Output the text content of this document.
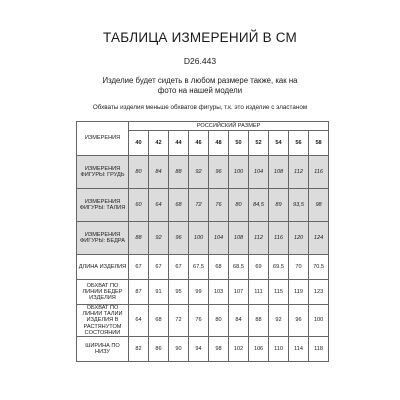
ТАБЛИЦА ИЗМЕРЕНИЙ В СМ
D26.443
Изделие будет сидеть в любом размере также, как на фото на нашей модели
Обхваты изделия меньше обхватов фигуры, т.к. это изделие с эластаном
ИЗМЕРЕНИЯ	РОССИЙСКИЙ РАЗМЕР									
	40	42	44	46	48	50	52	54	56	58
ИЗМЕРЕНИЯ ФИГУРЫ: ГРУДЬ	80	84	88	92	96	100	104	108	112	116
ИЗМЕРЕНИЯ ФИГУРЫ: ТАЛИЯ	60	64	68	72	76	80	84,5	89	93,5	98
ИЗМЕРЕНИЯ ФИГУРЫ: БЕДРА	88	92	96	100	104	108	112	116	120	124
ДЛИНА ИЗДЕЛИЯ	67	67	67	67.5	68	68.5	69	69.5	70	70.5
ОБХВАТ ПО ЛИНИИ БЕДЕР ИЗДЕЛИЯ	87	91	95	99	103	107	111	115	119	123
ОБХВАТ ПО ЛИНИИ ТАЛИИ ИЗДЕЛИЯ В РАСТЯНУТОМ СОСТОЯНИИ	64	68	72	76	80	84	88	92	96	100
ШИРИНА ПО НИЗУ	82	86	90	94	98	102	106	110	114	118
